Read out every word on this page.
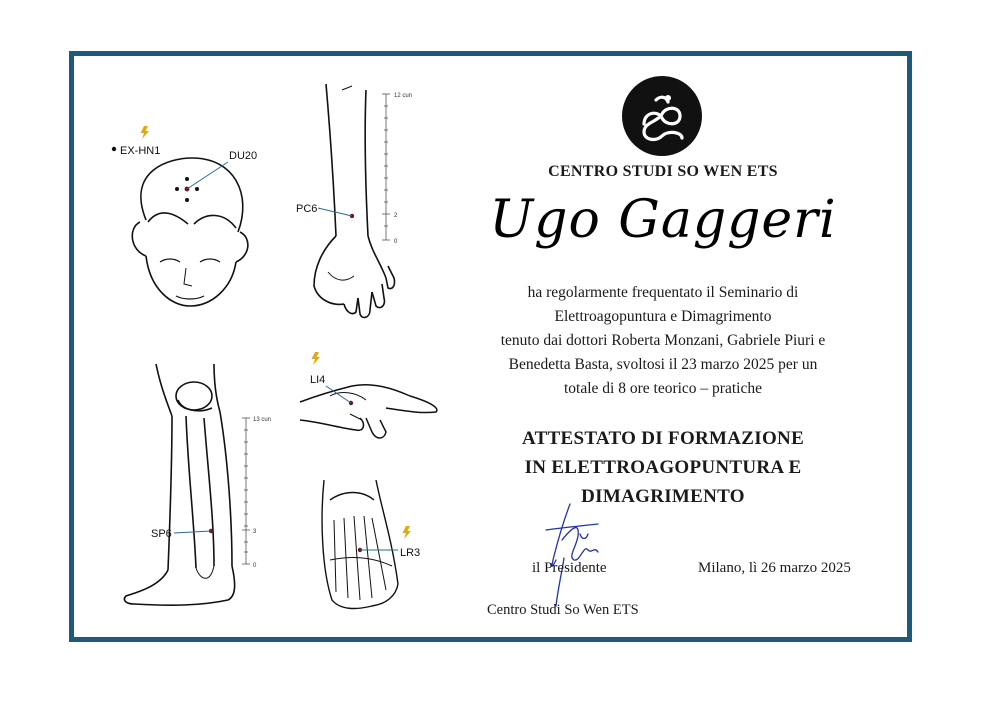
EX-HN1	DU20
PC6
LI4
SP6
LR3
12 cun
2
0
13 cun
3
0
CENTRO STUDI SO WEN ETS
Ugo Gaggeri
ha regolarmente frequentato il Seminario di
Elettroagopuntura e Dimagrimento
tenuto dai dottori Roberta Monzani, Gabriele Piuri e
Benedetta Basta, svoltosi il 23 marzo 2025 per un
totale di 8 ore teorico – pratiche
ATTESTATO DI FORMAZIONE
IN ELETTROAGOPUNTURA E
DIMAGRIMENTO
il Presidente	Milano, lì 26 marzo 2025
Centro Studi So Wen ETS
